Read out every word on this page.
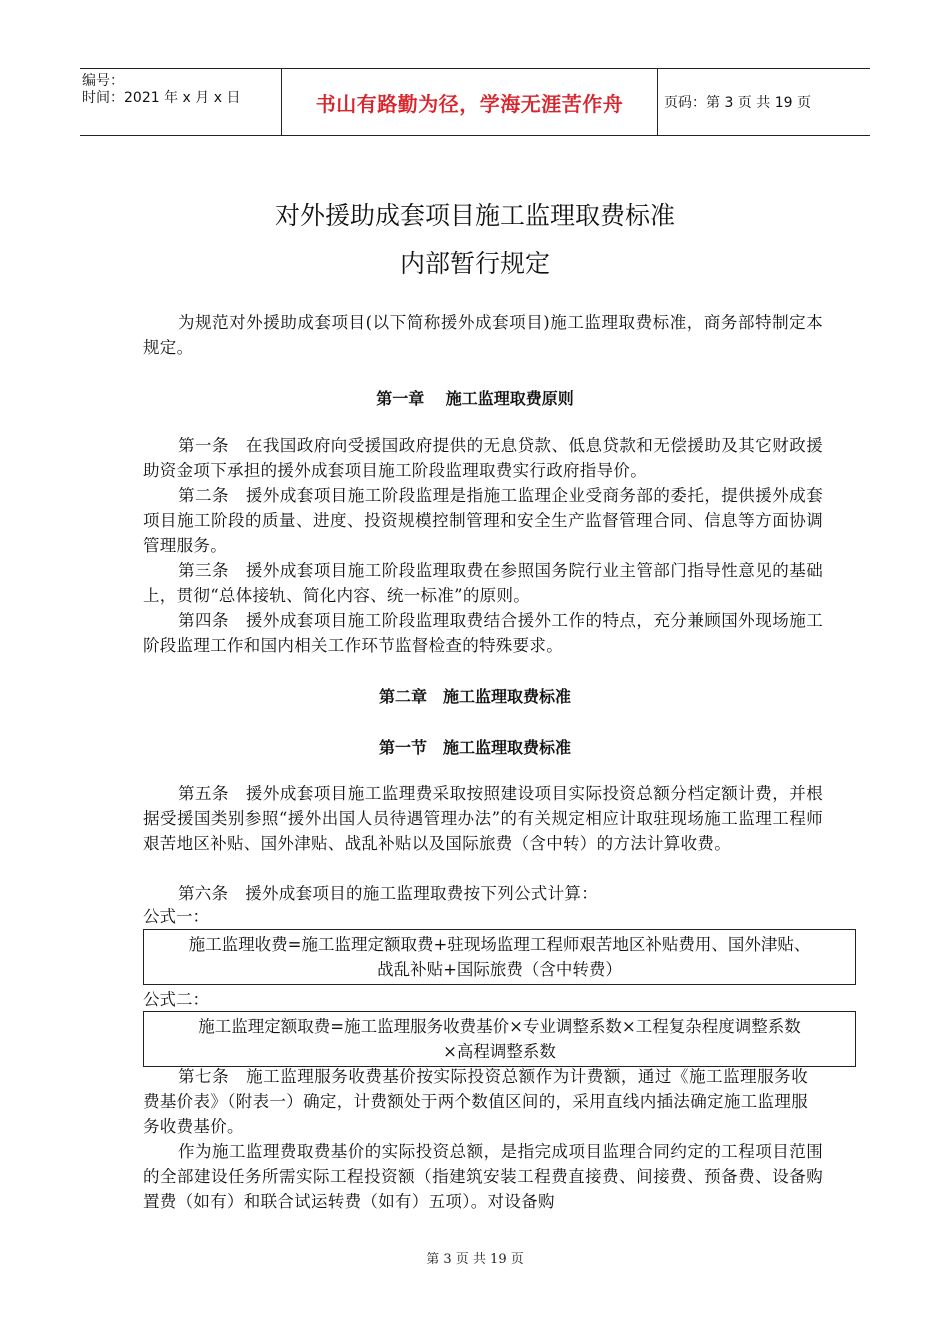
编号：
时间：2021 年 x 月 x 日	书山有路勤为径，学海无涯苦作舟	页码：第 3 页 共 19 页
对外援助成套项目施工监理取费标准
内部暂行规定
为规范对外援助成套项目(以下简称援外成套项目)施工监理取费标准，商务部特制定本规定。
第一章　 施工监理取费原则
第一条　在我国政府向受援国政府提供的无息贷款、低息贷款和无偿援助及其它财政援助资金项下承担的援外成套项目施工阶段监理取费实行政府指导价。
第二条　援外成套项目施工阶段监理是指施工监理企业受商务部的委托，提供援外成套项目施工阶段的质量、进度、投资规模控制管理和安全生产监督管理合同、信息等方面协调管理服务。
第三条　援外成套项目施工阶段监理取费在参照国务院行业主管部门指导性意见的基础上，贯彻“总体接轨、简化内容、统一标准”的原则。
第四条　援外成套项目施工阶段监理取费结合援外工作的特点，充分兼顾国外现场施工阶段监理工作和国内相关工作环节监督检查的特殊要求。
第二章　施工监理取费标准
第一节　施工监理取费标准
第五条　援外成套项目施工监理费采取按照建设项目实际投资总额分档定额计费，并根据受援国类别参照“援外出国人员待遇管理办法”的有关规定相应计取驻现场施工监理工程师艰苦地区补贴、国外津贴、战乱补贴以及国际旅费（含中转）的方法计算收费。
第六条　援外成套项目的施工监理取费按下列公式计算：
公式一：
施工监理收费=施工监理定额取费+驻现场监理工程师艰苦地区补贴费用、国外津贴、
战乱补贴+国际旅费（含中转费）
公式二：
施工监理定额取费=施工监理服务收费基价×专业调整系数×工程复杂程度调整系数
×高程调整系数
第七条　施工监理服务收费基价按实际投资总额作为计费额，通过《施工监理服务收费基价表》（附表一）确定，计费额处于两个数值区间的，采用直线内插法确定施工监理服务收费基价。
作为施工监理费取费基价的实际投资总额，是指完成项目监理合同约定的工程项目范围的全部建设任务所需实际工程投资额（指建筑安装工程费直接费、间接费、预备费、设备购置费（如有）和联合试运转费（如有）五项）。对设备购
第 3 页 共 19 页
